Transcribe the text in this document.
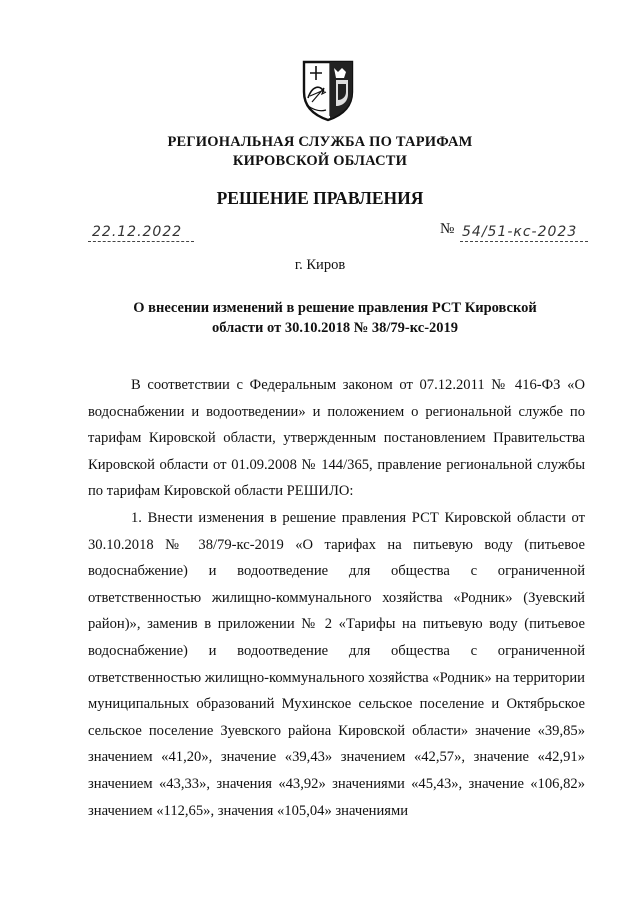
РЕГИОНАЛЬНАЯ СЛУЖБА ПО ТАРИФАМ
КИРОВСКОЙ ОБЛАСТИ
РЕШЕНИЕ ПРАВЛЕНИЯ
22.12.2022	№ 54/51-кс-2023
г. Киров
О внесении изменений в решение правления РСТ Кировской
области от 30.10.2018 № 38/79-кс-2019

В соответствии с Федеральным законом от 07.12.2011 № 416-ФЗ «О водоснабжении и водоотведении» и положением о региональной службе по тарифам Кировской области, утвержденным постановлением Правительства Кировской области от 01.09.2008 № 144/365, правление региональной службы по тарифам Кировской области РЕШИЛО:

1. Внести изменения в решение правления РСТ Кировской области от 30.10.2018 № 38/79-кс-2019 «О тарифах на питьевую воду (питьевое водоснабжение) и водоотведение для общества с ограниченной ответственностью жилищно-коммунального хозяйства «Родник» (Зуевский район)», заменив в приложении № 2 «Тарифы на питьевую воду (питьевое водоснабжение) и водоотведение для общества с ограниченной ответственностью жилищно-коммунального хозяйства «Родник» на территории муниципальных образований Мухинское сельское поселение и Октябрьское сельское поселение Зуевского района Кировской области» значение «39,85» значением «41,20», значение «39,43» значением «42,57», значение «42,91» значением «43,33», значения «43,92» значениями «45,43», значение «106,82» значением «112,65», значения «105,04» значениями
